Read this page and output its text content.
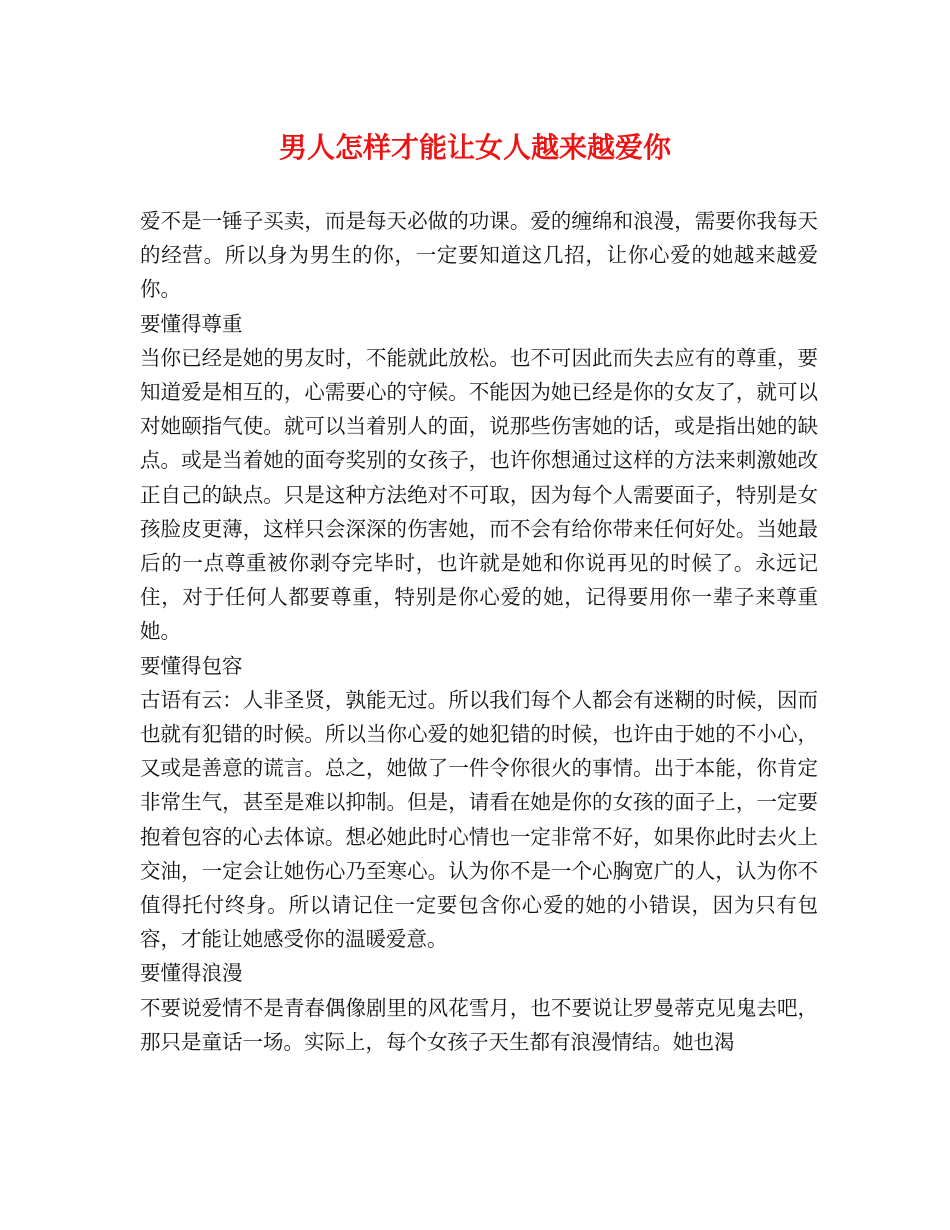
男人怎样才能让女人越来越爱你

爱不是一锤子买卖，而是每天必做的功课。爱的缠绵和浪漫，需要你我每天的经营。所以身为男生的你，一定要知道这几招，让你心爱的她越来越爱你。

要懂得尊重

当你已经是她的男友时，不能就此放松。也不可因此而失去应有的尊重，要知道爱是相互的，心需要心的守候。不能因为她已经是你的女友了，就可以对她颐指气使。就可以当着别人的面，说那些伤害她的话，或是指出她的缺点。或是当着她的面夸奖别的女孩子，也许你想通过这样的方法来刺激她改正自己的缺点。只是这种方法绝对不可取，因为每个人需要面子，特别是女孩脸皮更薄，这样只会深深的伤害她，而不会有给你带来任何好处。当她最后的一点尊重被你剥夺完毕时，也许就是她和你说再见的时候了。永远记住，对于任何人都要尊重，特别是你心爱的她，记得要用你一辈子来尊重她。

要懂得包容

古语有云：人非圣贤，孰能无过。所以我们每个人都会有迷糊的时候，因而也就有犯错的时候。所以当你心爱的她犯错的时候，也许由于她的不小心，又或是善意的谎言。总之，她做了一件令你很火的事情。出于本能，你肯定非常生气，甚至是难以抑制。但是，请看在她是你的女孩的面子上，一定要抱着包容的心去体谅。想必她此时心情也一定非常不好，如果你此时去火上交油，一定会让她伤心乃至寒心。认为你不是一个心胸宽广的人，认为你不值得托付终身。所以请记住一定要包含你心爱的她的小错误，因为只有包容，才能让她感受你的温暖爱意。

要懂得浪漫

不要说爱情不是青春偶像剧里的风花雪月，也不要说让罗曼蒂克见鬼去吧，那只是童话一场。实际上，每个女孩子天生都有浪漫情结。她也渴
